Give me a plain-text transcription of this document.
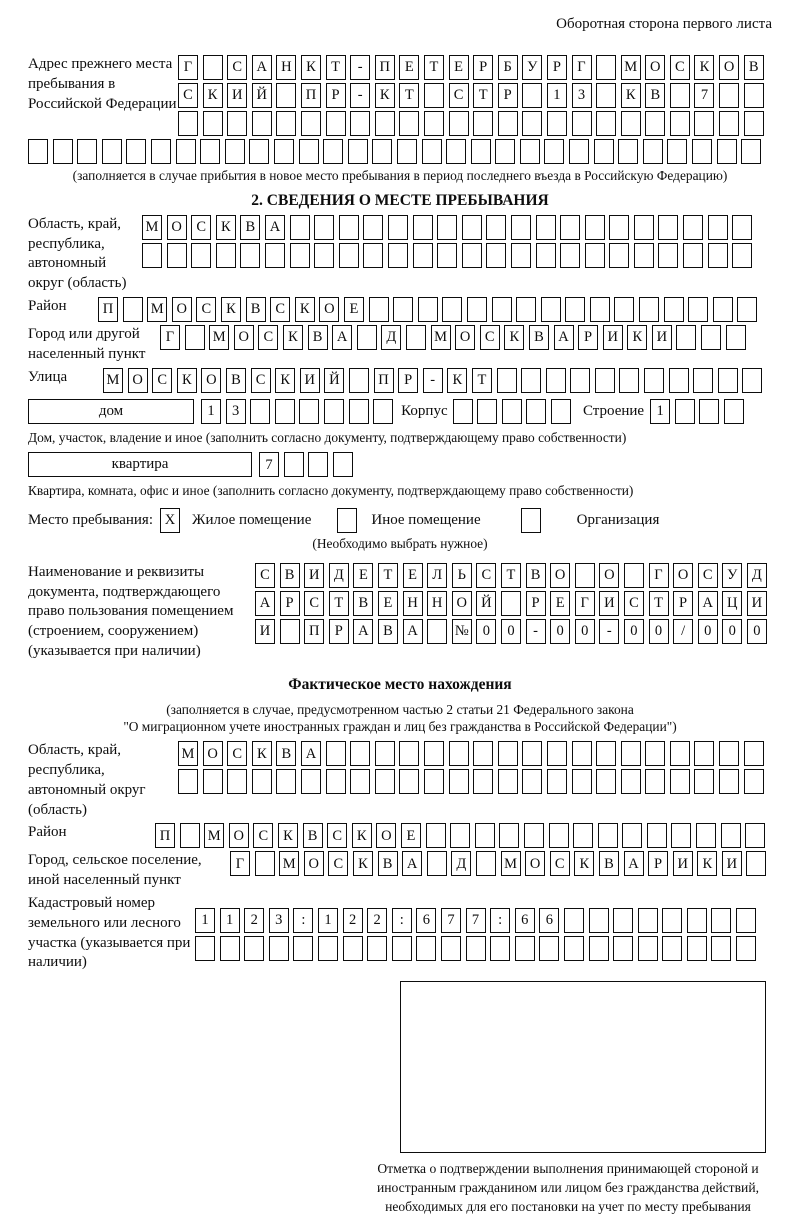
Оборотная сторона первого листа
Адрес прежнего места пребывания в Российской Федерации
Г	С	А Н	К	Т	-	П	Е	Т	Е	Р	Б	У	Р	Г	М О	С	К	О	В
С	К	И Й	П	Р	-	К	Т	С	Т	Р	1	3	К	В	7
(заполняется в случае прибытия в новое место пребывания в период последнего въезда в Российскую Федерацию)
2. СВЕДЕНИЯ О МЕСТЕ ПРЕБЫВАНИЯ
Область, край, республика, автономный округ (область)
М О	С	К	В	А
Район	П	М О	С	К	В	С	К	О	Е
Город или другой населенный пункт
Г	М О	С	К	В	А	Д	М О	С	К	В	А	Р	И	К	И
Улица	М О	С	К	О	В	С	К	И Й	П	Р	-	К	Т
дом	1	3	Корпус	Строение 1
Дом, участок, владение и иное (заполнить согласно документу, подтверждающему право собственности)
квартира	7
Квартира, комната, офис и иное (заполнить согласно документу, подтверждающему право собственности)
Место пребывания: X	Жилое помещение	Иное помещение	Организация
(Необходимо выбрать нужное)
Наименование и реквизиты документа, подтверждающего право пользования помещением (строением, сооружением) (указывается при наличии)
С	В	И Д	Е	Т	Е	Л	Ь	С	Т	В	О	О	Г	О	С	У	Д
А	Р	С	Т	В	Е	Н Н О Й	Р	Е	Г	И	С	Т	Р	А Ц И
И	П	Р	А	В	А	№ 0	0	-	0	0	-	0	0	/	0	0	0
Фактическое место нахождения
(заполняется в случае, предусмотренном частью 2 статьи 21 Федерального закона
"О миграционном учете иностранных граждан и лиц без гражданства в Российской Федерации")
Область, край, республика, автономный округ (область)
М О	С	К	В	А
Район	П	М О	С	К	В	С	К	О	Е
Город, сельское поселение, иной населенный пункт
Г	М О	С	К	В	А	Д	М О	С	К	В	А	Р	И	К	И
Кадастровый номер земельного или лесного участка (указывается при наличии)
1	1	2	3	:	1	2	2	:	6	7	7	:	6	6
Отметка о подтверждении выполнения принимающей стороной и иностранным гражданином или лицом без гражданства действий, необходимых для его постановки на учет по месту пребывания
